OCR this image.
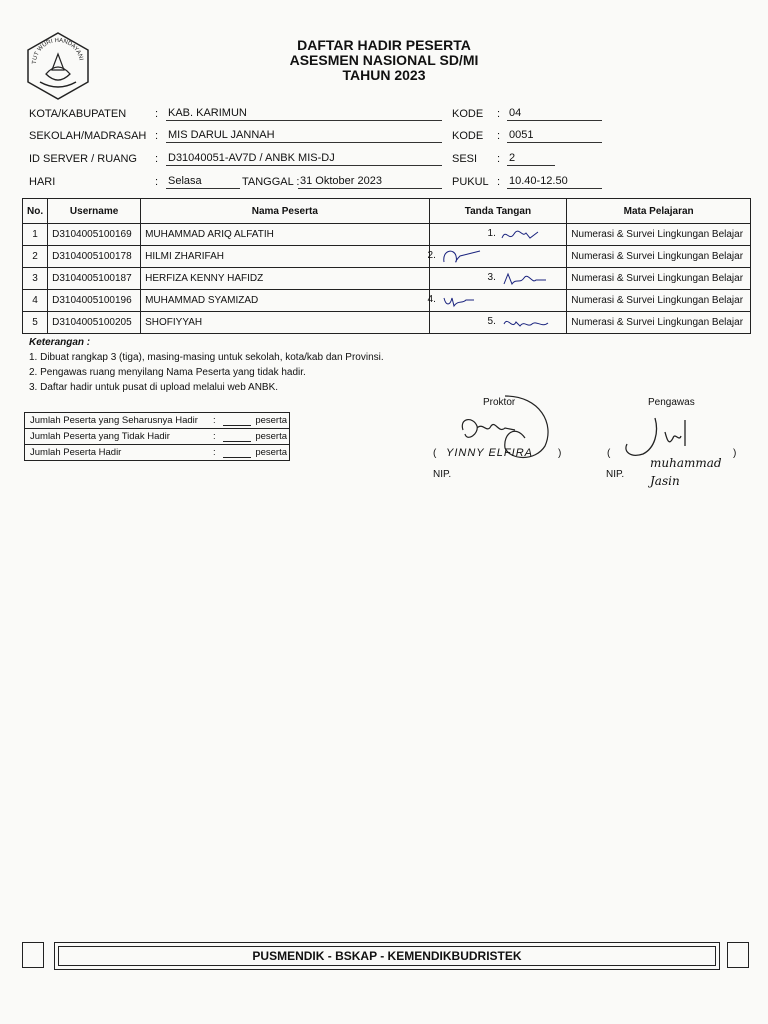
TUT WURI HANDAYANI
DAFTAR HADIR PESERTA
ASESMEN NASIONAL SD/MI
TAHUN 2023
KOTA/KABUPATEN	: KAB. KARIMUN
SEKOLAH/MADRASAH : MIS DARUL JANNAH
ID SERVER / RUANG : D31040051-AV7D / ANBK MIS-DJ
HARI	: Selasa	TANGGAL : 31 Oktober 2023
KODE : 04
KODE : 0051
SESI : 2
PUKUL : 10.40-12.50
No.	Username	Nama Peserta	Tanda Tangan	Mata Pelajaran
1	D3104005100169	MUHAMMAD ARIQ ALFATIH	1.	Numerasi & Survei Lingkungan Belajar
2	D3104005100178	HILMI ZHARIFAH	2.	Numerasi & Survei Lingkungan Belajar
3	D3104005100187	HERFIZA KENNY HAFIDZ	3.	Numerasi & Survei Lingkungan Belajar
4	D3104005100196	MUHAMMAD SYAMIZAD	4.	Numerasi & Survei Lingkungan Belajar
5	D3104005100205	SHOFIYYAH	5.	Numerasi & Survei Lingkungan Belajar
Keterangan :
1. Dibuat rangkap 3 (tiga), masing-masing untuk sekolah, kota/kab dan Provinsi.
2. Pengawas ruang menyilang Nama Peserta yang tidak hadir.
3. Daftar hadir untuk pusat di upload melalui web ANBK.
Jumlah Peserta yang Seharusnya Hadir :	peserta
Jumlah Peserta yang Tidak Hadir	:	peserta
Jumlah Peserta Hadir	:	peserta
Proktor
( YINNY ELFIRA	)
NIP.
Pengawas
(
muhammad Jasin
)
NIP.
PUSMENDIK - BSKAP - KEMENDIKBUDRISTEK
